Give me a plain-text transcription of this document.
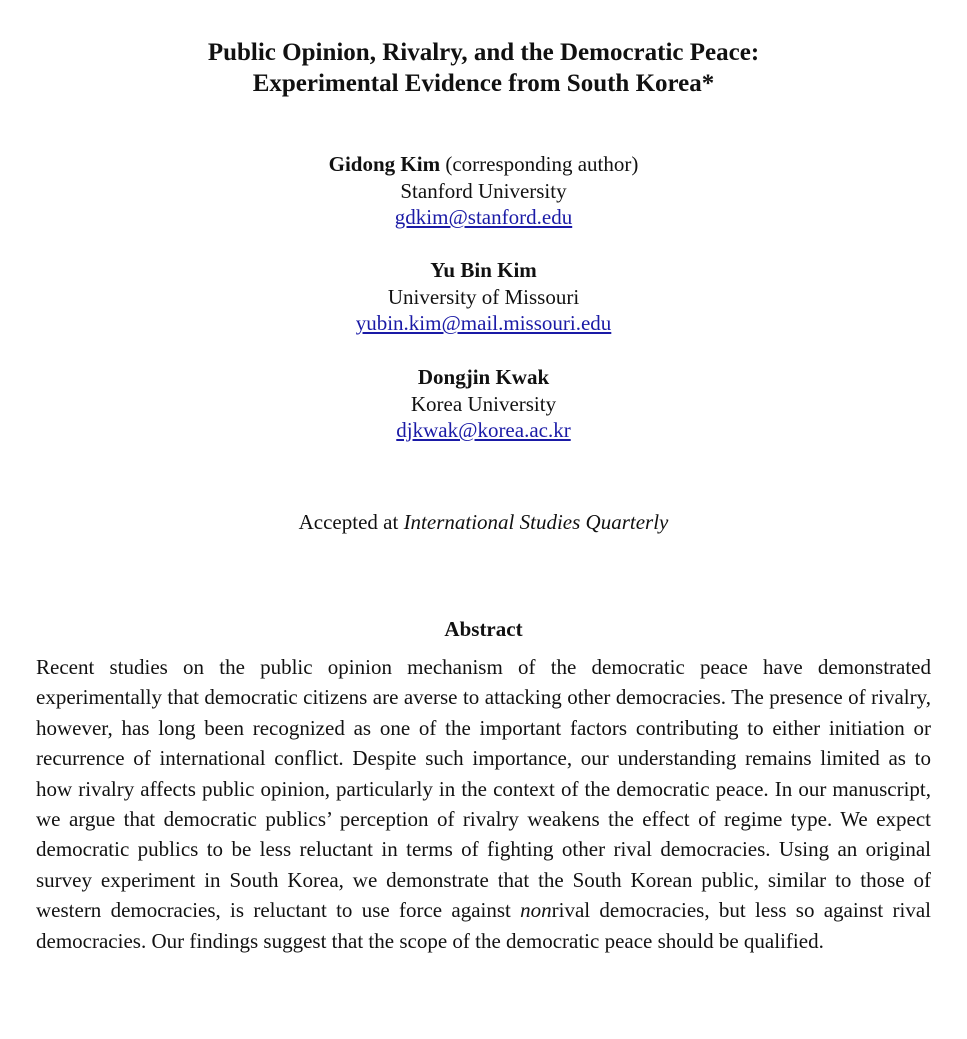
Public Opinion, Rivalry, and the Democratic Peace:
Experimental Evidence from South Korea*
Gidong Kim (corresponding author)
Stanford University
gdkim@stanford.edu
Yu Bin Kim
University of Missouri
yubin.kim@mail.missouri.edu
Dongjin Kwak
Korea University
djkwak@korea.ac.kr
Accepted at International Studies Quarterly
Abstract

Recent studies on the public opinion mechanism of the democratic peace have demonstrated experimentally that democratic citizens are averse to attacking other democracies. The presence of rivalry, however, has long been recognized as one of the important factors contributing to either initiation or recurrence of international conflict. Despite such importance, our understanding remains limited as to how rivalry affects public opinion, particularly in the context of the democratic peace. In our manuscript, we argue that democratic publics’ perception of rivalry weakens the effect of regime type. We expect democratic publics to be less reluctant in terms of fighting other rival democracies. Using an original survey experiment in South Korea, we demonstrate that the South Korean public, similar to those of western democracies, is reluctant to use force against nonrival democracies, but less so against rival democracies. Our findings suggest that the scope of the democratic peace should be qualified.
